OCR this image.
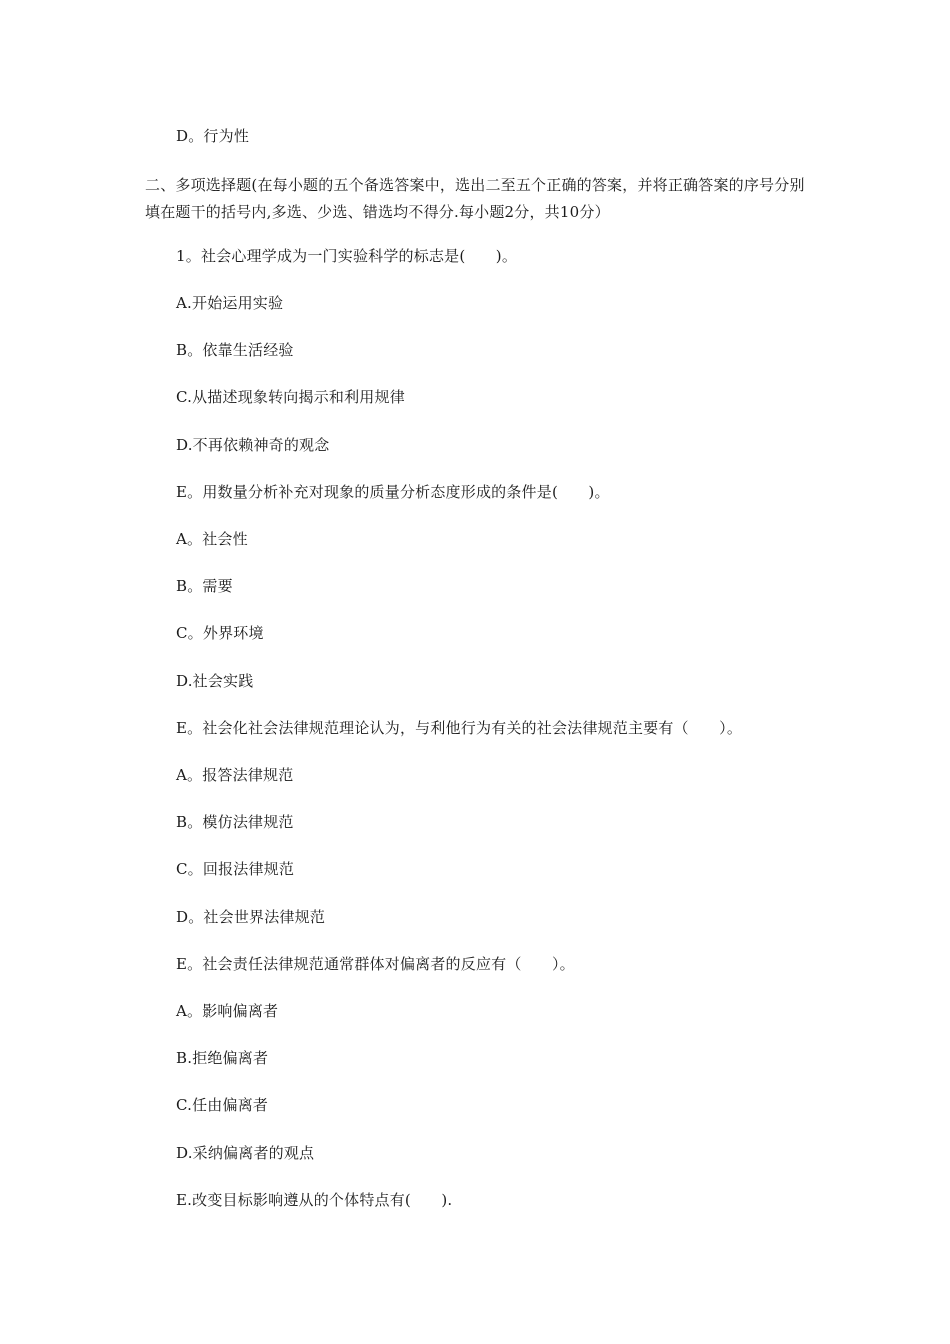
D。行为性
二、多项选择题(在每小题的五个备选答案中，选出二至五个正确的答案，并将正确答案的序号分别填在题干的括号内,多选、少选、错选均不得分.每小题2分，共10分）
1。社会心理学成为一门实验科学的标志是(　　)。
A.开始运用实验
B。依靠生活经验
C.从描述现象转向揭示和利用规律
D.不再依赖神奇的观念
E。用数量分析补充对现象的质量分析态度形成的条件是(　　)。
A。社会性
B。需要
C。外界环境
D.社会实践
E。社会化社会法律规范理论认为，与利他行为有关的社会法律规范主要有（　　）。
A。报答法律规范
B。模仿法律规范
C。回报法律规范
D。社会世界法律规范
E。社会责任法律规范通常群体对偏离者的反应有（　　）。
A。影响偏离者
B.拒绝偏离者
C.任由偏离者
D.采纳偏离者的观点
E.改变目标影响遵从的个体特点有(　　).
